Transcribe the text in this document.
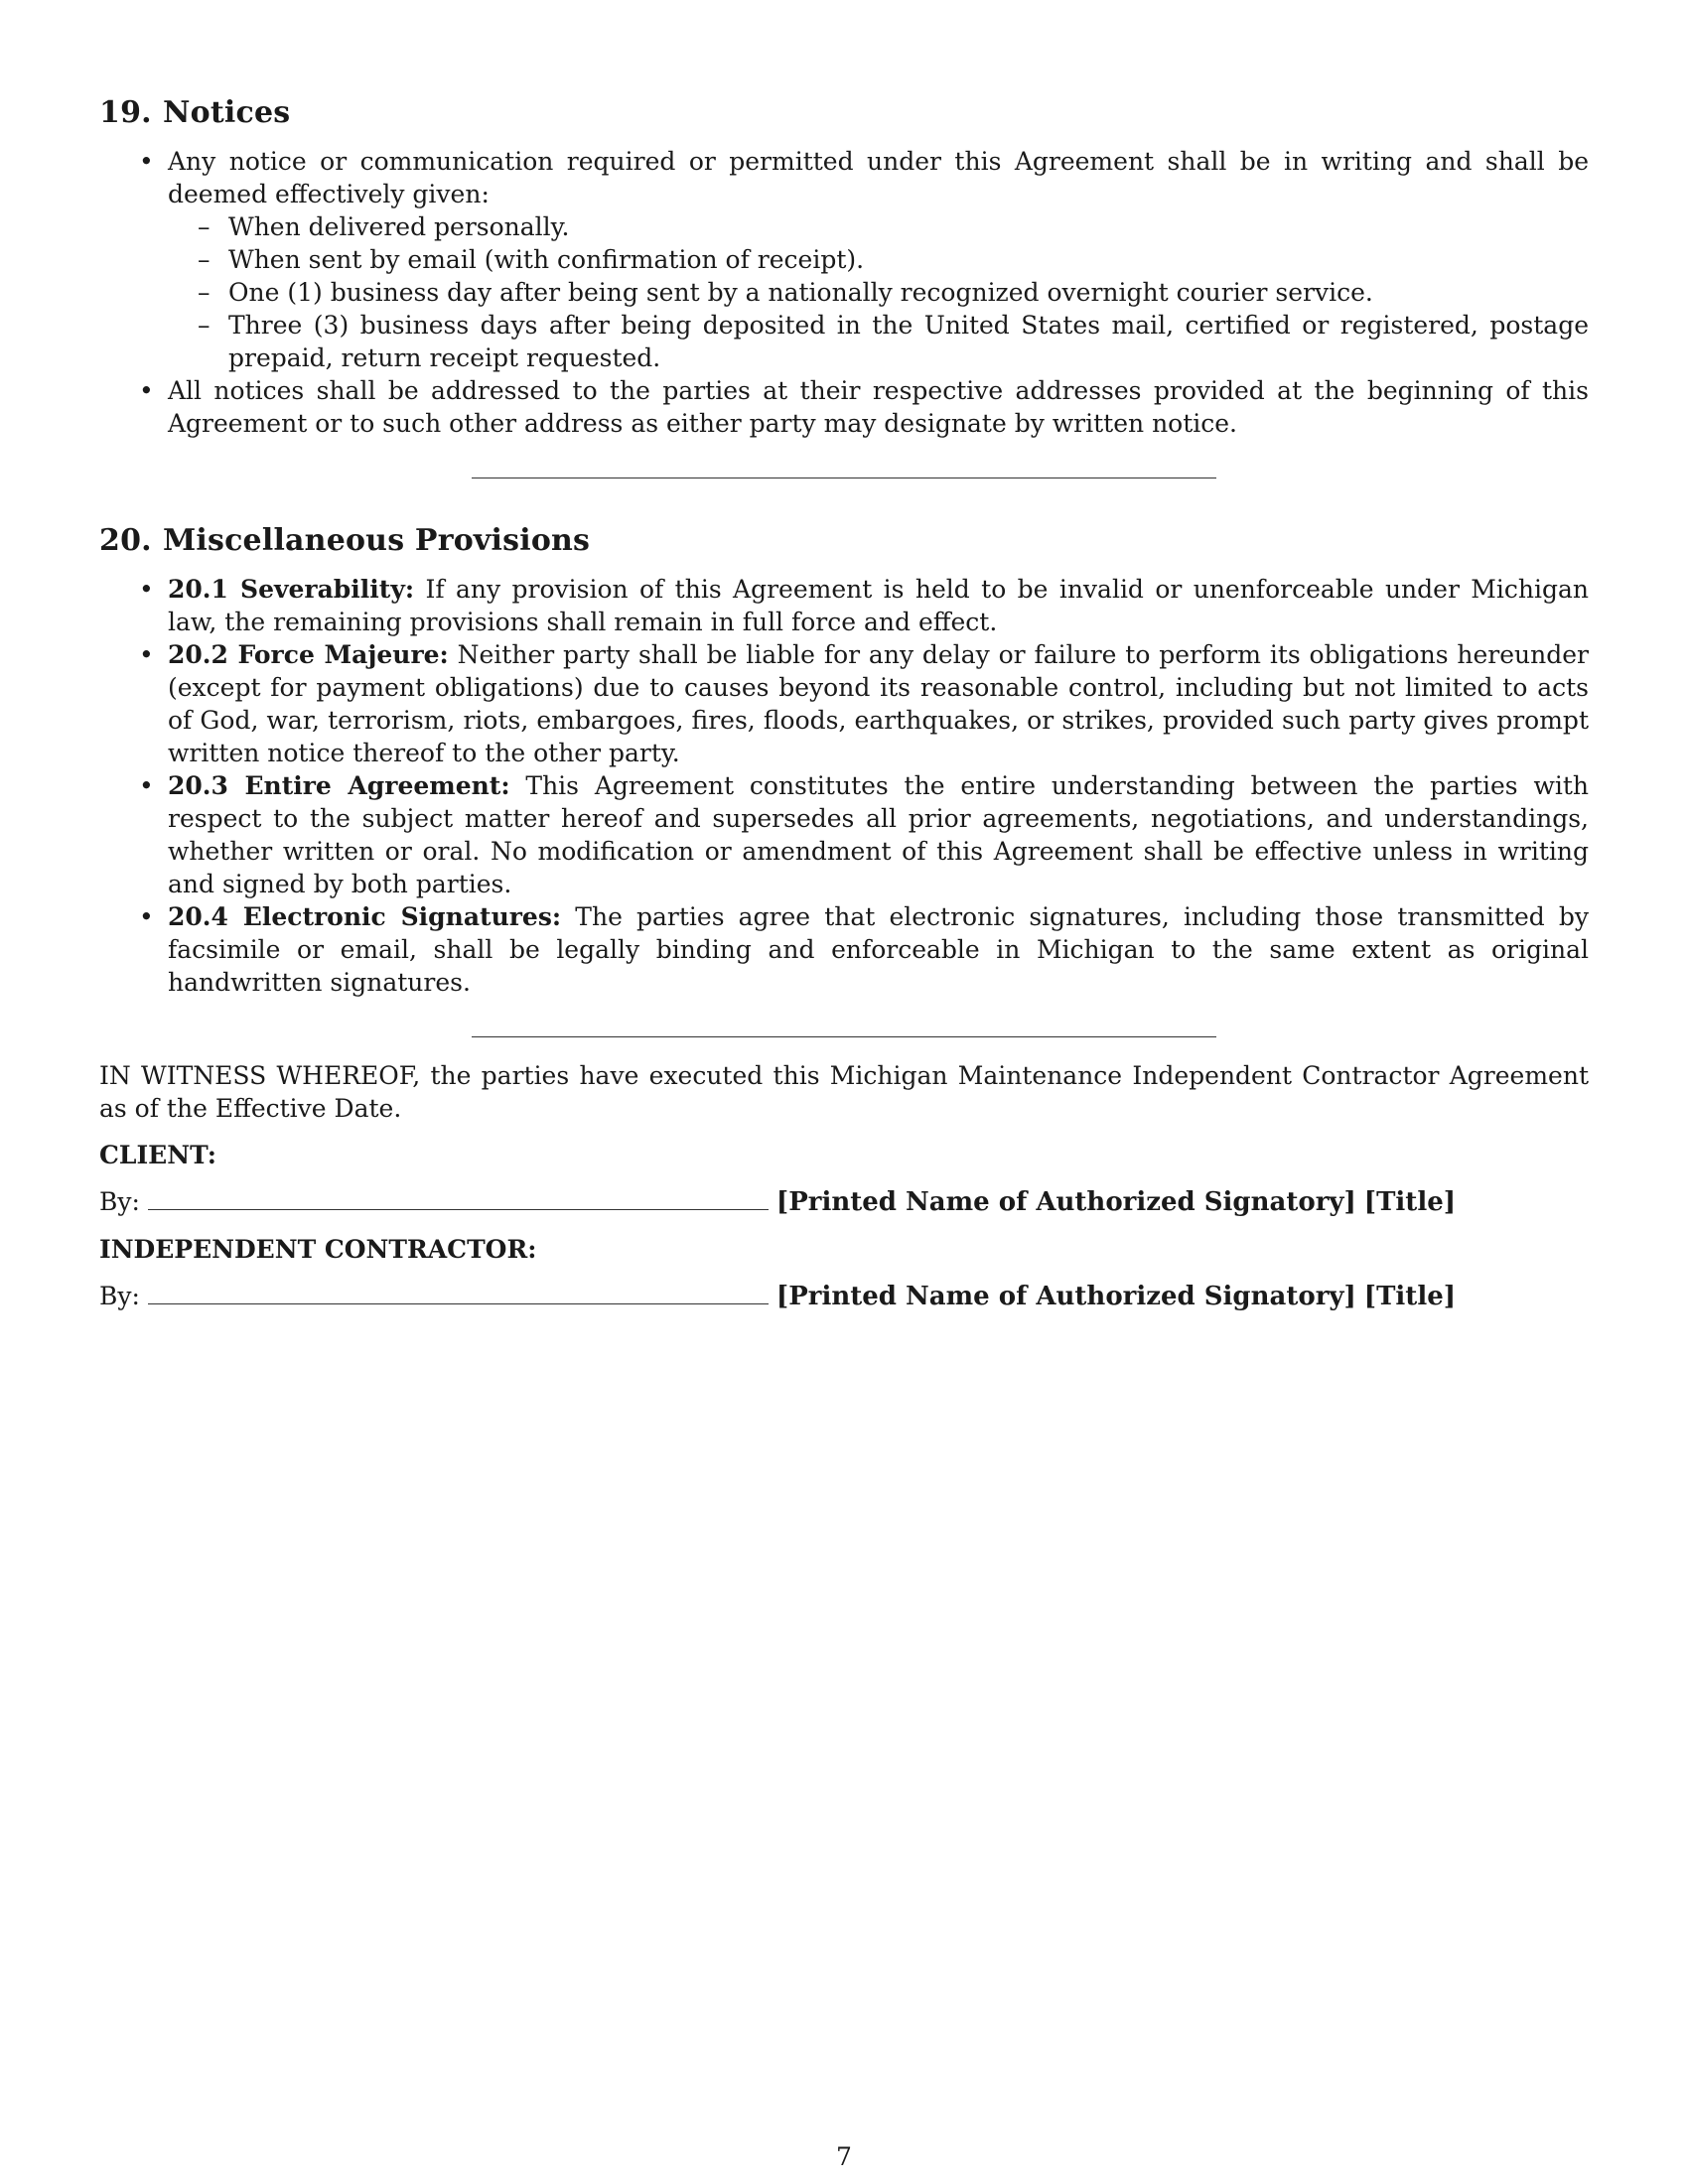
19. Notices
• Any notice or communication required or permitted under this Agreement shall be in writing and shall be deemed effectively given:
– When delivered personally.
– When sent by email (with confirmation of receipt).
– One (1) business day after being sent by a nationally recognized overnight courier service.
– Three (3) business days after being deposited in the United States mail, certified or registered, postage prepaid, return receipt requested.
• All notices shall be addressed to the parties at their respective addresses provided at the beginning of this Agreement or to such other address as either party may designate by written notice.
20. Miscellaneous Provisions
• 20.1 Severability: If any provision of this Agreement is held to be invalid or unenforceable under Michigan law, the remaining provisions shall remain in full force and effect.
• 20.2 Force Majeure: Neither party shall be liable for any delay or failure to perform its obligations hereunder (except for payment obligations) due to causes beyond its reasonable control, including but not limited to acts of God, war, terrorism, riots, embargoes, fires, floods, earthquakes, or strikes, provided such party gives prompt written notice thereof to the other party.
• 20.3 Entire Agreement: This Agreement constitutes the entire understanding between the parties with respect to the subject matter hereof and supersedes all prior agreements, negotiations, and understandings, whether written or oral. No modification or amendment of this Agreement shall be effective unless in writing and signed by both parties.
• 20.4 Electronic Signatures: The parties agree that electronic signatures, including those transmitted by facsimile or email, shall be legally binding and enforceable in Michigan to the same extent as original handwritten signatures.

IN WITNESS WHEREOF, the parties have executed this Michigan Maintenance Independent Contractor Agreement as of the Effective Date.

CLIENT:

By:	[Printed Name of Authorized Signatory] [Title]

INDEPENDENT CONTRACTOR:

By:	[Printed Name of Authorized Signatory] [Title]

7
